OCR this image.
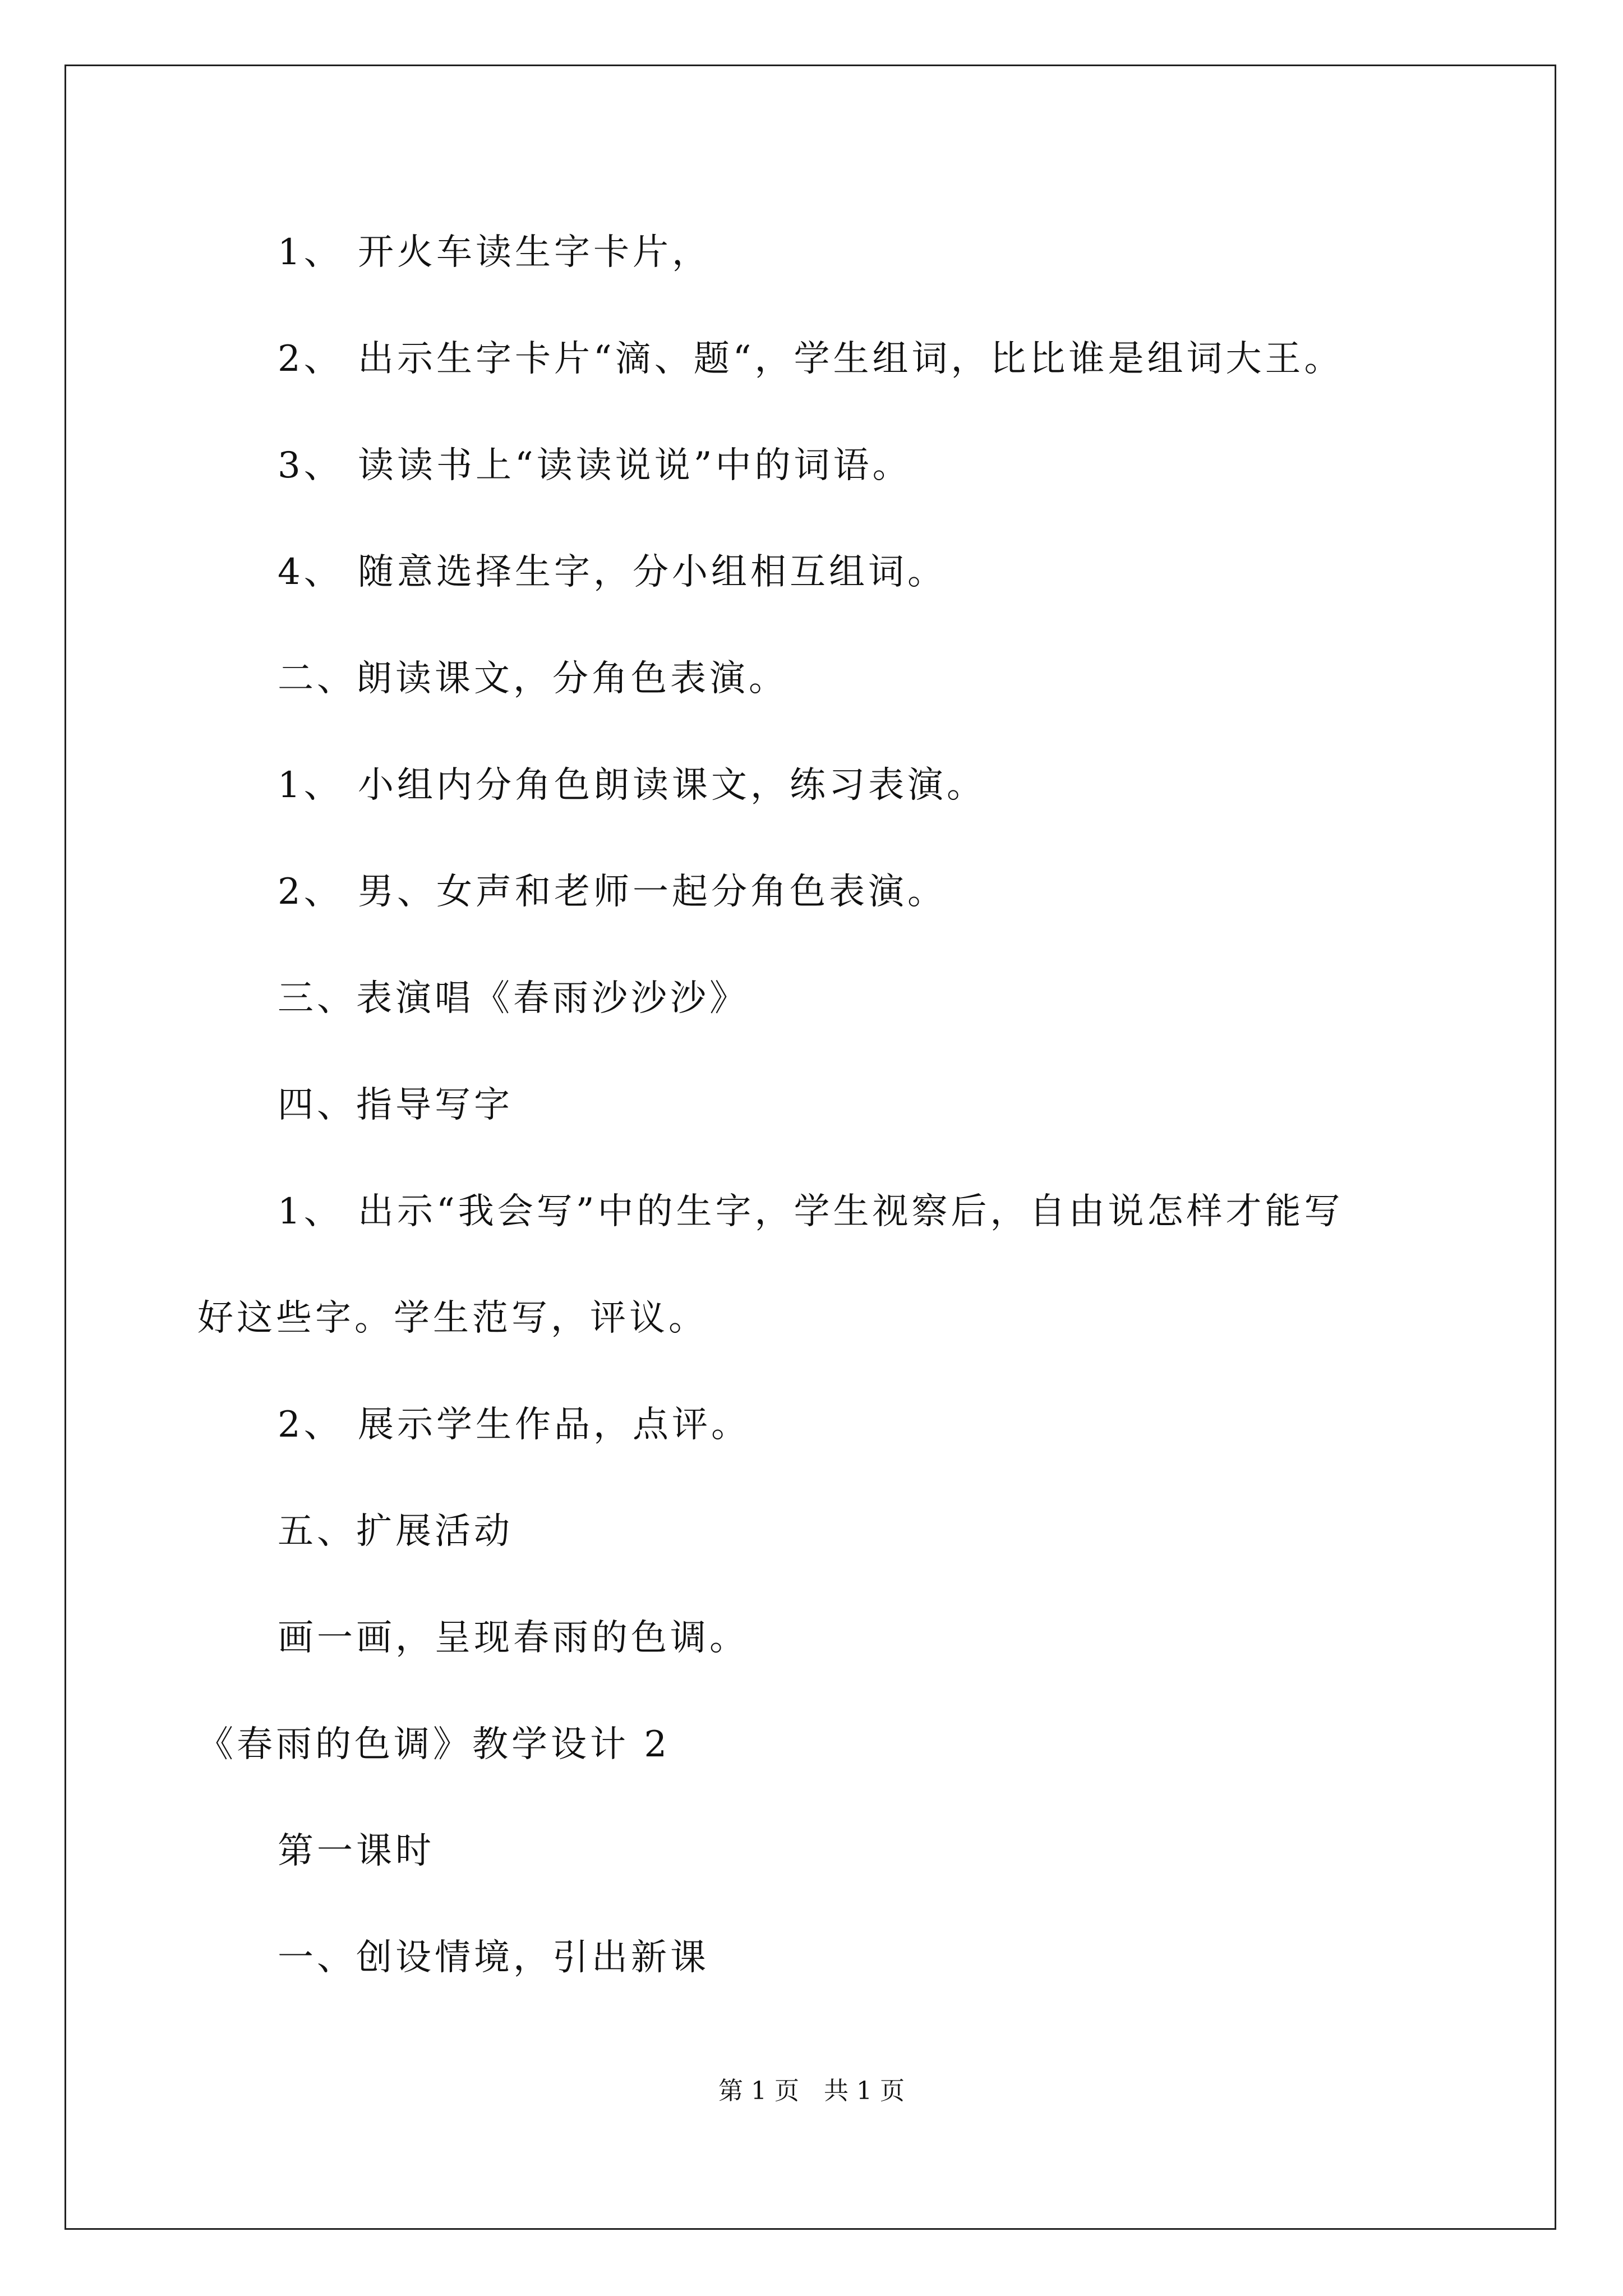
1、 开火车读生字卡片，
2、 出示生字卡片“滴、题“，学生组词，比比谁是组词大王。
3、 读读书上“读读说说”中的词语。
4、 随意选择生字，分小组相互组词。
二、朗读课文，分角色表演。
1、 小组内分角色朗读课文，练习表演。
2、 男、女声和老师一起分角色表演。
三、表演唱《春雨沙沙沙》
四、指导写字
1、 出示“我会写”中的生字，学生视察后，自由说怎样才能写
好这些字。学生范写，评议。
2、 展示学生作品，点评。
五、扩展活动
画一画，呈现春雨的色调。
《春雨的色调》教学设计 2
第一课时
一、创设情境，引出新课
第 1 页　共 1 页
